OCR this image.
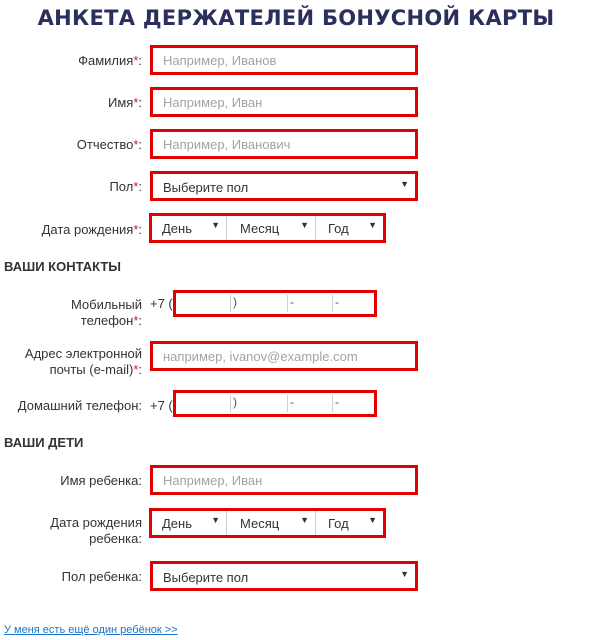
АНКЕТА ДЕРЖАТЕЛЕЙ БОНУСНОЙ КАРТЫ
Фамилия*:
Например, Иванов
Имя*:
Например, Иван
Отчество*:
Например, Иванович
Пол*: Выберите пол	▼
Дата рождения*: День ▼ Месяц ▼ Год ▼
ВАШИ КОНТАКТЫ
Мобильный
телефон*:
+7 (	)	-	-
Адрес электронной
почты (e-mail)*:
например, ivanov@example.com
Домашний телефон: +7 (	)	-	-
ВАШИ ДЕТИ
Имя ребенка:
Например, Иван
Дата рождения
ребенка:
День ▼ Месяц ▼ Год ▼
Пол ребенка: Выберите пол	▼
У меня есть ещё один ребёнок >>
